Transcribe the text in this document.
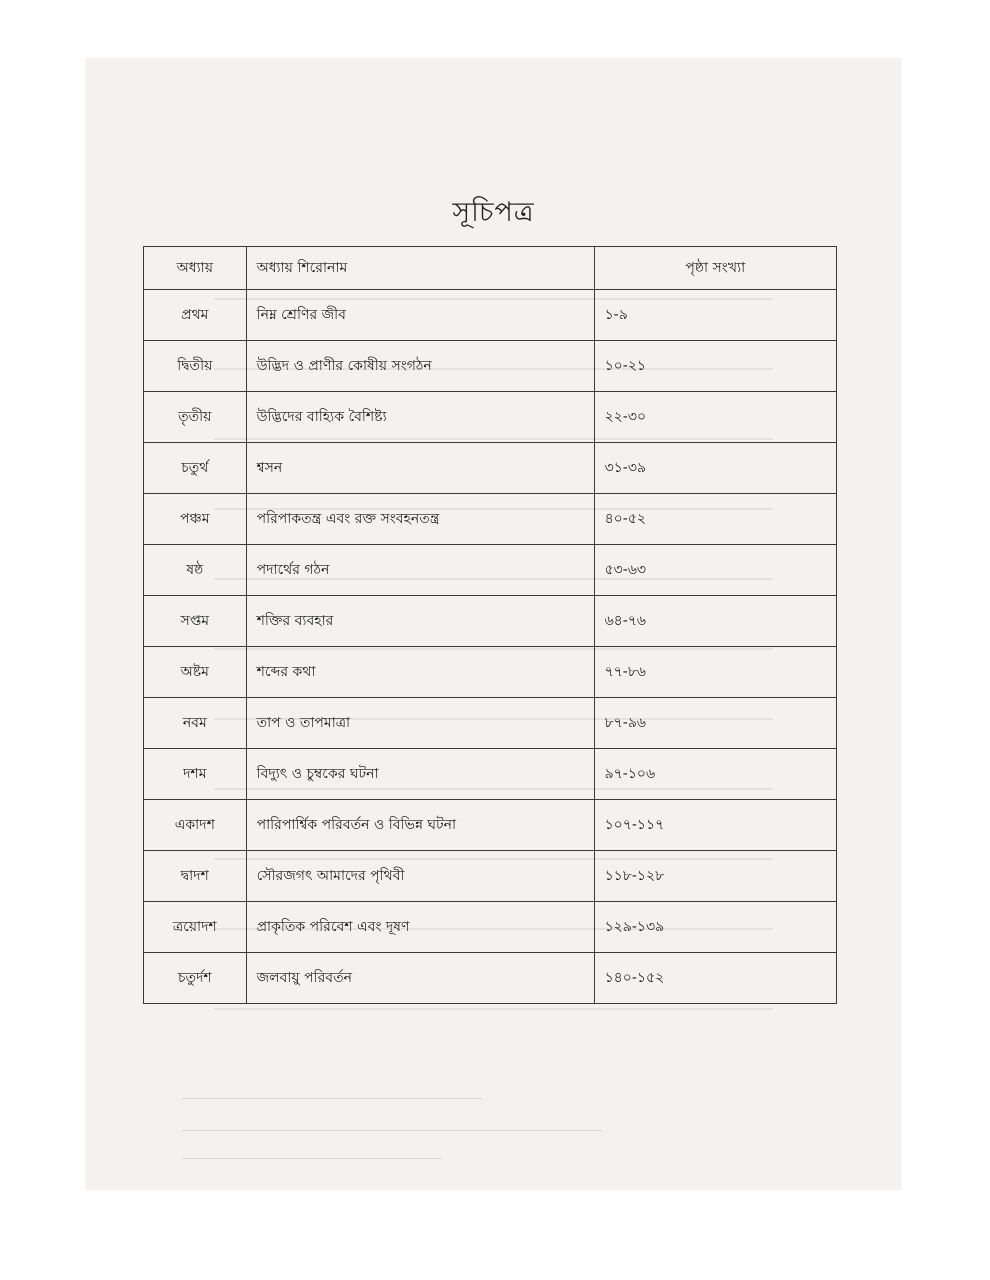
সূচিপত্র
অধ্যায়	অধ্যায় শিরোনাম	পৃষ্ঠা সংখ্যা
প্রথম	নিম্ন শ্রেণির জীব	১-৯
দ্বিতীয়	উদ্ভিদ ও প্রাণীর কোষীয় সংগঠন	১০-২১
তৃতীয়	উদ্ভিদের বাহ্যিক বৈশিষ্ট্য	২২-৩০
চতুর্থ	শ্বসন	৩১-৩৯
পঞ্চম	পরিপাকতন্ত্র এবং রক্ত সংবহনতন্ত্র	৪০-৫২
ষষ্ঠ	পদার্থের গঠন	৫৩-৬৩
সপ্তম	শক্তির ব্যবহার	৬৪-৭৬
অষ্টম	শব্দের কথা	৭৭-৮৬
নবম	তাপ ও তাপমাত্রা	৮৭-৯৬
দশম	বিদ্যুৎ ও চুম্বকের ঘটনা	৯৭-১০৬
একাদশ	পারিপার্শ্বিক পরিবর্তন ও বিভিন্ন ঘটনা	১০৭-১১৭
দ্বাদশ	সৌরজগৎ আমাদের পৃথিবী	১১৮-১২৮
ত্রয়োদশ	প্রাকৃতিক পরিবেশ এবং দূষণ	১২৯-১৩৯
চতুর্দশ	জলবায়ু পরিবর্তন	১৪০-১৫২
